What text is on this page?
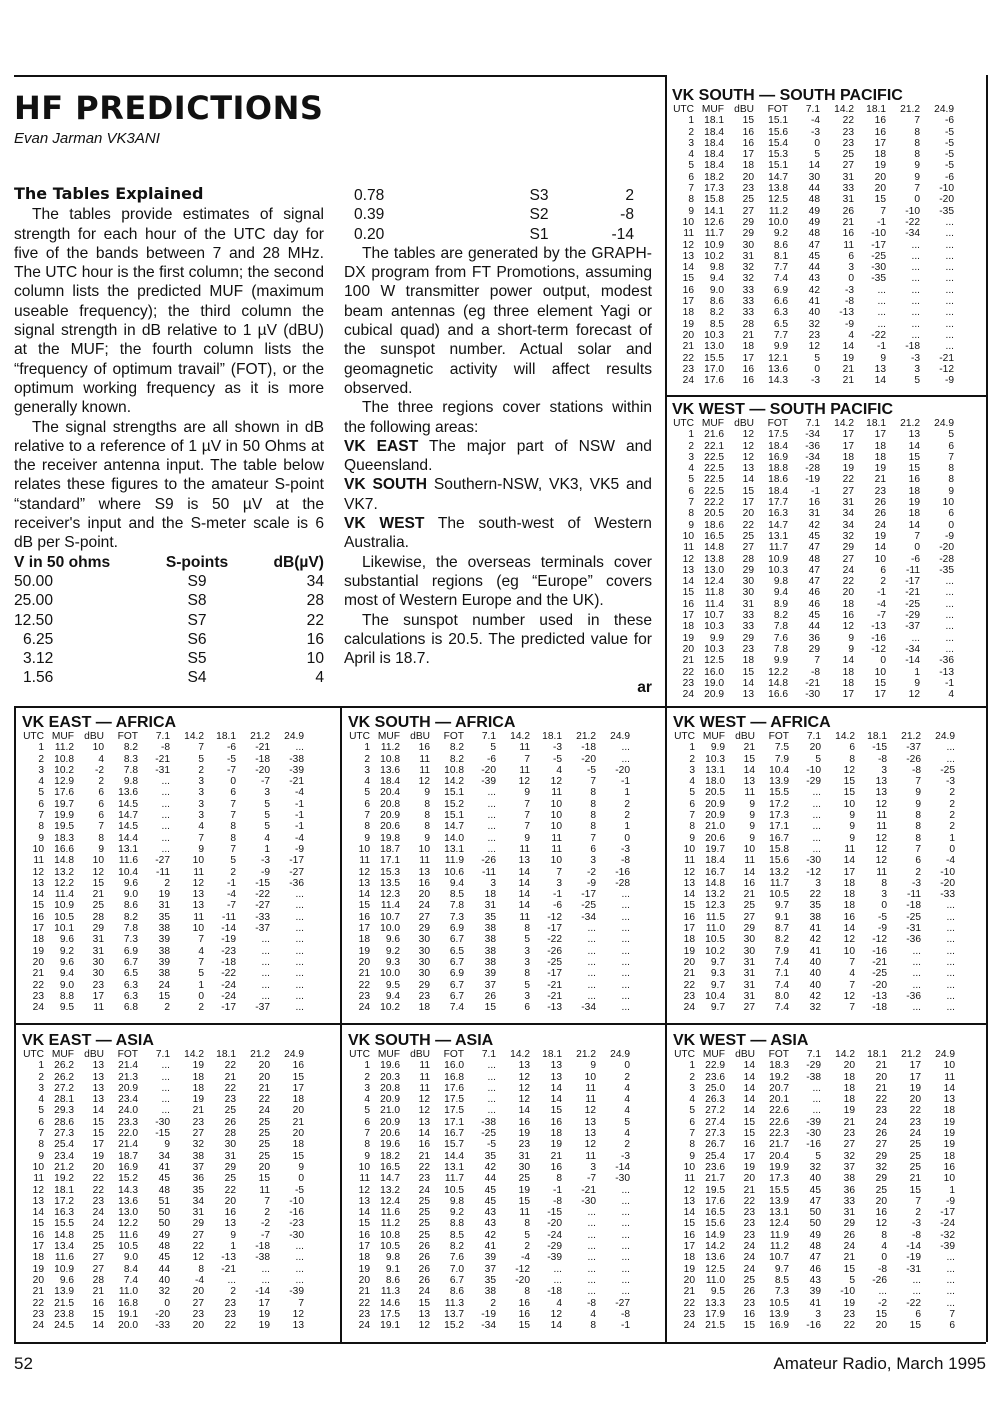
HF PREDICTIONS
Evan Jarman VK3ANI
The Tables Explained

The tables provide estimates of signal strength for each hour of the UTC day for five of the bands between 7 and 28 MHz. The UTC hour is the first column; the second column lists the predicted MUF (maximum useable frequency); the third column the signal strength in dB relative to 1 µV (dBU) at the MUF; the fourth column lists the “frequency of optimum travail” (FOT), or the optimum working frequency as it is more generally known.

The signal strengths are all shown in dB relative to a reference of 1 µV in 50 Ohms at the receiver antenna input. The table below relates these figures to the amateur S-point “standard” where S9 is 50 µV at the receiver's input and the S-meter scale is 6 dB per S-point.

V in 50 ohms	S-points	dB(µV)
50.00	S9	34
25.00	S8	28
12.50	S7	22
6.25	S6	16
3.12	S5	10
1.56	S4	4
0.78	S3	2
0.39	S2	-8
0.20	S1	-14

The tables are generated by the GRAPH-DX program from FT Promotions, assuming 100 W transmitter power output, modest beam antennas (eg three element Yagi or cubical quad) and a short-term forecast of the sunspot number. Actual solar and geomagnetic activity will affect results observed.

The three regions cover stations within the following areas:

VK EAST The major part of NSW and Queensland.

VK SOUTH Southern-NSW, VK3, VK5 and VK7.

VK WEST The south-west of Western Australia.

Likewise, the overseas terminals cover substantial regions (eg “Europe” covers most of Western Europe and the UK).

The sunspot number used in these calculations is 20.5. The predicted value for April is 18.7.

ar

VK SOUTH — SOUTH PACIFIC
UTC	MUF	dBU	FOT	7.1	14.2	18.1	21.2	24.9
1	18.1	15	15.1	-4	22	16	7	-6
2	18.4	16	15.6	-3	23	16	8	-5
3	18.4	16	15.4	0	23	17	8	-5
4	18.4	17	15.3	5	25	18	8	-5
5	18.4	18	15.1	14	27	19	9	-5
6	18.2	20	14.7	30	31	20	9	-6
7	17.3	23	13.8	44	33	20	7	-10
8	15.8	25	12.5	48	31	15	0	-20
9	14.1	27	11.2	49	26	7	-10	-35
10	12.6	29	10.0	49	21	-1	-22	...
11	11.7	29	9.2	48	16	-10	-34	...
12	10.9	30	8.6	47	11	-17	...	...
13	10.2	31	8.1	45	6	-25	...	...
14	9.8	32	7.7	44	3	-30	...	...
15	9.4	32	7.4	43	0	-35	...	...
16	9.0	33	6.9	42	-3	...	...	...
17	8.6	33	6.6	41	-8	...	...	...
18	8.2	33	6.3	40	-13	...	...	...
19	8.5	28	6.5	32	-9	...	...	...
20	10.3	21	7.7	23	4	-22	...	...
21	13.0	18	9.9	12	14	-1	-18	...
22	15.5	17	12.1	5	19	9	-3	-21
23	17.0	16	13.6	0	21	13	3	-12
24	17.6	16	14.3	-3	21	14	5	-9
VK WEST — SOUTH PACIFIC
UTC	MUF	dBU	FOT	7.1	14.2	18.1	21.2	24.9
1	21.6	12	17.5	-34	17	17	13	5
2	22.1	12	18.4	-36	17	18	14	6
3	22.5	12	16.9	-34	18	18	15	7
4	22.5	13	18.8	-28	19	19	15	8
5	22.5	14	18.6	-19	22	21	16	8
6	22.5	15	18.4	-1	27	23	18	9
7	22.2	17	17.7	16	31	26	19	10
8	20.5	20	16.3	31	34	26	18	6
9	18.6	22	14.7	42	34	24	14	0
10	16.5	25	13.1	45	32	19	7	-9
11	14.8	27	11.7	47	29	14	0	-20
12	13.8	28	10.9	48	27	10	-6	-28
13	13.0	29	10.3	47	24	6	-11	-35
14	12.4	30	9.8	47	22	2	-17	...
15	11.8	30	9.4	46	20	-1	-21	...
16	11.4	31	8.9	46	18	-4	-25	...
17	10.7	33	8.2	45	16	-7	-29	...
18	10.3	33	7.8	44	12	-13	-37	...
19	9.9	29	7.6	36	9	-16	...	...
20	10.3	23	7.8	29	9	-12	-34	...
21	12.5	18	9.9	7	14	0	-14	-36
22	16.0	15	12.2	-8	18	10	1	-13
23	19.0	14	14.8	-21	18	15	9	-1
24	20.9	13	16.6	-30	17	17	12	4
VK EAST — AFRICA
UTC	MUF	dBU	FOT	7.1	14.2	18.1	21.2	24.9
1	11.2	10	8.2	-8	7	-6	-21	...
2	10.8	4	8.3	-21	5	-5	-18	-38
3	10.2	-2	7.8	-31	2	-7	-20	-39
4	12.9	2	9.8	...	3	0	-7	-21
5	17.6	6	13.6	...	3	6	3	-4
6	19.7	6	14.5	...	3	7	5	-1
7	19.9	6	14.7	...	3	7	5	-1
8	19.5	7	14.5	...	4	8	5	-1
9	18.3	8	14.4	...	7	8	4	-4
10	16.6	9	13.1	...	9	7	1	-9
11	14.8	10	11.6	-27	10	5	-3	-17
12	13.2	12	10.4	-11	11	2	-9	-27
13	12.2	15	9.6	2	12	-1	-15	-36
14	11.4	21	9.0	19	13	-4	-22	...
15	10.9	25	8.6	31	13	-7	-27	...
16	10.5	28	8.2	35	11	-11	-33	...
17	10.1	29	7.8	38	10	-14	-37	...
18	9.6	31	7.3	39	7	-19	...	...
19	9.2	31	6.9	38	4	-23	...	...
20	9.6	30	6.7	39	7	-18	...	...
21	9.4	30	6.5	38	5	-22	...	...
22	9.0	23	6.3	24	1	-24	...	...
23	8.8	17	6.3	15	0	-24	...	...
24	9.5	11	6.8	2	2	-17	-37	...
VK SOUTH — AFRICA
UTC	MUF	dBU	FOT	7.1	14.2	18.1	21.2	24.9
1	11.2	16	8.2	5	11	-3	-18	...
2	10.8	11	8.2	-6	7	-5	-20	...
3	13.6	11	10.8	-20	11	4	-5	-20
4	18.4	12	14.2	-39	12	12	7	-1
5	20.4	9	15.1	...	9	11	8	1
6	20.8	8	15.2	...	7	10	8	2
7	20.9	8	15.1	...	7	10	8	2
8	20.6	8	14.7	...	7	10	8	1
9	19.8	9	14.0	...	9	11	7	0
10	18.7	10	13.1	...	11	11	6	-3
11	17.1	11	11.9	-26	13	10	3	-8
12	15.3	13	10.6	-11	14	7	-2	-16
13	13.5	16	9.4	3	14	3	-9	-28
14	12.3	20	8.5	18	14	-1	-17	...
15	11.4	24	7.8	31	14	-6	-25	...
16	10.7	27	7.3	35	11	-12	-34	...
17	10.0	29	6.9	38	8	-17	...	...
18	9.6	30	6.7	38	5	-22	...	...
19	9.2	30	6.5	38	3	-26	...	...
20	9.3	30	6.7	38	3	-25	...	...
21	10.0	30	6.9	39	8	-17	...	...
22	9.5	29	6.7	37	5	-21	...	...
23	9.4	23	6.7	26	3	-21	...	...
24	10.2	18	7.4	15	6	-13	-34	...
VK WEST — AFRICA
UTC	MUF	dBU	FOT	7.1	14.2	18.1	21.2	24.9
1	9.9	21	7.5	20	6	-15	-37	...
2	10.3	15	7.9	5	8	-8	-26	...
3	13.1	14	10.4	-10	12	3	-8	-25
4	18.0	13	13.9	-29	15	13	7	-3
5	20.5	11	15.5	...	15	13	9	2
6	20.9	9	17.2	...	10	12	9	2
7	20.9	9	17.3	...	9	11	8	2
8	21.0	9	17.1	...	9	11	8	2
9	20.6	9	16.7	...	9	12	8	1
10	19.7	10	15.8	...	11	12	7	0
11	18.4	11	15.6	-30	14	12	6	-4
12	16.7	14	13.2	-12	17	11	2	-10
13	14.8	16	11.7	3	18	8	-3	-20
14	13.2	21	10.5	22	18	3	-11	-33
15	12.3	25	9.7	35	18	0	-18	...
16	11.5	27	9.1	38	16	-5	-25	...
17	11.0	29	8.7	41	14	-9	-31	...
18	10.5	30	8.2	42	12	-12	-36	...
19	10.2	30	7.9	41	10	-16	...	...
20	9.7	31	7.4	40	7	-21	...	...
21	9.3	31	7.1	40	4	-25	...	...
22	9.7	31	7.4	40	7	-20	...	...
23	10.4	31	8.0	42	12	-13	-36	...
24	9.7	27	7.4	32	7	-18	...	...
VK EAST — ASIA
UTC	MUF	dBU	FOT	7.1	14.2	18.1	21.2	24.9
1	26.2	13	21.4	...	19	22	20	16
2	26.2	13	21.3	...	18	21	20	15
3	27.2	13	20.9	...	18	22	21	17
4	28.1	13	23.4	...	19	23	22	18
5	29.3	14	24.0	...	21	25	24	20
6	28.6	15	23.3	-30	23	26	25	21
7	27.3	15	22.0	-15	27	28	25	20
8	25.4	17	21.4	9	32	30	25	18
9	23.4	19	18.7	34	38	31	25	15
10	21.2	20	16.9	41	37	29	20	9
11	19.2	22	15.2	45	36	25	15	0
12	18.1	22	14.3	48	35	22	11	-5
13	17.2	23	13.6	51	34	20	7	-10
14	16.3	24	13.0	50	31	16	2	-16
15	15.5	24	12.2	50	29	13	-2	-23
16	14.8	25	11.6	49	27	9	-7	-30
17	13.4	25	10.5	48	22	1	-18	...
18	11.6	27	9.0	45	12	-13	-38	...
19	10.9	27	8.4	44	8	-21	...	...
20	9.6	28	7.4	40	-4	...	...	...
21	13.9	21	11.0	32	20	2	-14	-39
22	21.5	16	16.8	0	27	23	17	7
23	23.8	15	19.1	-20	23	23	19	12
24	24.5	14	20.0	-33	20	22	19	13
VK SOUTH — ASIA
UTC	MUF	dBU	FOT	7.1	14.2	18.1	21.2	24.9
1	19.6	11	16.0	...	13	13	9	0
2	20.3	11	16.8	...	12	13	10	2
3	20.8	11	17.6	...	12	14	11	4
4	20.9	12	17.5	...	12	14	11	4
5	21.0	12	17.5	...	14	15	12	4
6	20.9	13	17.1	-38	16	16	13	5
7	20.6	14	16.7	-25	19	18	13	4
8	19.6	16	15.7	-5	23	19	12	2
9	18.2	21	14.4	35	31	21	11	-3
10	16.5	22	13.1	42	30	16	3	-14
11	14.7	23	11.7	44	25	8	-7	-30
12	13.2	24	10.5	45	19	-1	-21	...
13	12.4	25	9.8	45	15	-8	-30	...
14	11.6	25	9.2	43	11	-15	...	...
15	11.2	25	8.8	43	8	-20	...	...
16	10.8	25	8.5	42	5	-24	...	...
17	10.5	26	8.2	41	2	-29	...	...
18	9.8	26	7.6	39	-4	-39	...	...
19	9.1	26	7.0	37	-12	...	...	...
20	8.6	26	6.7	35	-20	...	...	...
21	11.3	24	8.6	38	8	-18	...	...
22	14.6	15	11.3	2	16	4	-8	-27
23	17.5	13	13.7	-19	16	12	4	-8
24	19.1	12	15.2	-34	15	14	8	-1
VK WEST — ASIA
UTC	MUF	dBU	FOT	7.1	14.2	18.1	21.2	24.9
1	22.9	14	18.3	-29	20	21	17	10
2	23.6	14	19.2	-38	18	20	17	11
3	25.0	14	20.7	...	18	21	19	14
4	26.3	14	20.1	...	18	22	20	13
5	27.2	14	22.6	...	19	23	22	18
6	27.4	15	22.6	-39	21	24	23	19
7	27.3	15	22.3	-30	23	26	24	19
8	26.7	16	21.7	-16	27	27	25	19
9	25.4	17	20.4	5	32	29	25	18
10	23.6	19	19.9	32	37	32	25	16
11	21.7	20	17.3	40	38	29	21	10
12	19.5	21	15.5	45	36	25	15	1
13	17.6	22	13.9	47	33	20	7	-9
14	16.5	23	13.1	50	31	16	2	-17
15	15.6	23	12.4	50	29	12	-3	-24
16	14.9	23	11.9	49	26	8	-8	-32
17	14.2	24	11.2	48	24	4	-14	-39
18	13.6	24	10.7	47	21	0	-19	...
19	12.5	24	9.7	46	15	-8	-31	...
20	11.0	25	8.5	43	5	-26	...	...
21	9.5	26	7.3	39	-10	...	...	...
22	13.3	23	10.5	41	19	-2	-22	...
23	17.9	16	13.9	3	23	15	6	7
24	21.5	15	16.9	-16	22	20	15	6
52	Amateur Radio, March 1995
